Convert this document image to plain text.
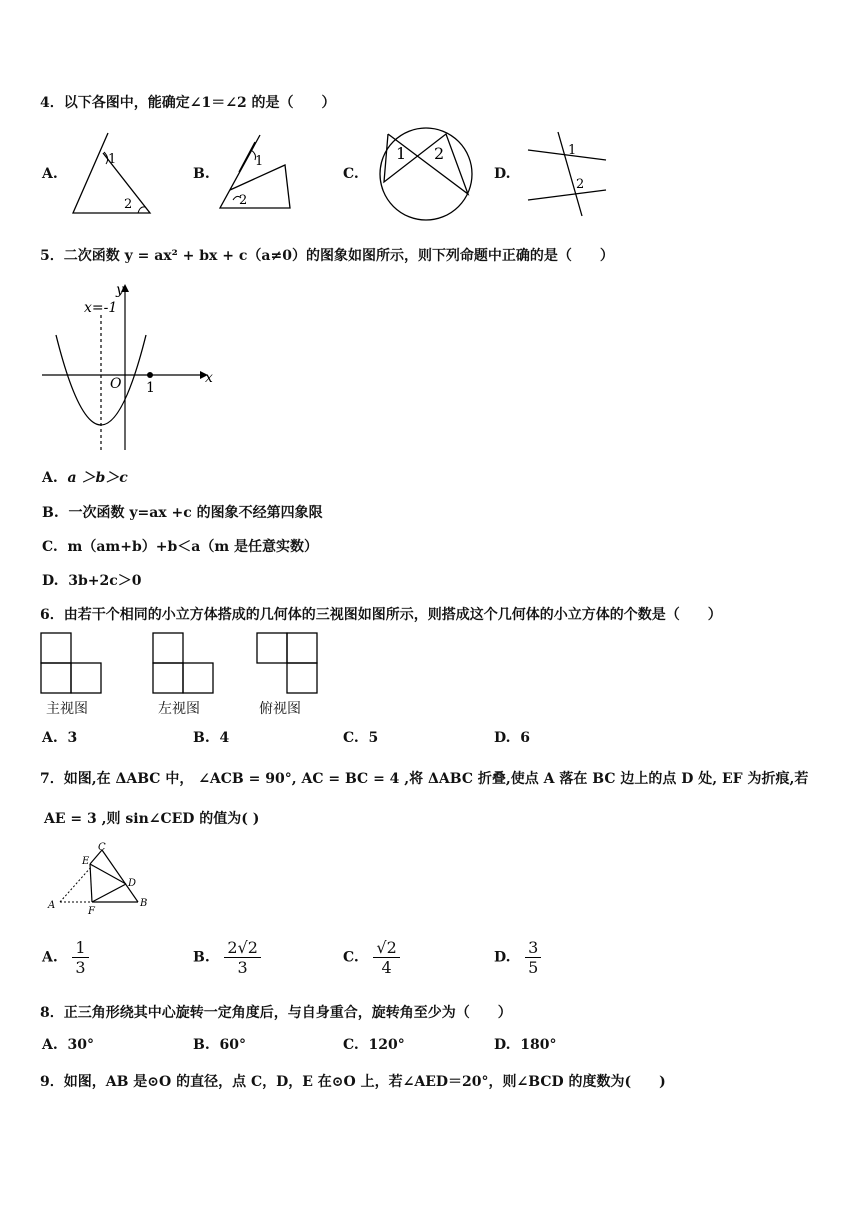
4．以下各图中，能确定∠1＝∠2 的是（　　）
A.
1
2
B.
1
2
C.
1 2
D.
1
2
5．二次函数 y = ax² + bx + c（a≠0）的图象如图所示，则下列命题中正确的是（　　）
x=-1
y
x
O 1
A. a ＞b＞c
B. 一次函数 y=ax +c 的图象不经第四象限
C. m（am+b）+b＜a（m 是任意实数）
D. 3b+2c＞0
6．由若干个相同的小立方体搭成的几何体的三视图如图所示，则搭成这个几何体的小立方体的个数是（　　）
主视图	左视图	俯视图
A. 3	B. 4	C. 5	D. 6
7．如图,在 ΔABC 中， ∠ACB = 90°, AC = BC = 4 ,将 ΔABC 折叠,使点 A 落在 BC 边上的点 D 处, EF 为折痕,若
AE = 3 ,则 sin∠CED 的值为( )
C
E
D
A
F
B
A. $\frac{1}{3}$	B. $\frac{2√2}{3}$	C. $\frac{√2}{4}$	D. $\frac{3}{5}$
8．正三角形绕其中心旋转一定角度后，与自身重合，旋转角至少为（　　）
A. 30°	B. 60°	C. 120°	D. 180°
9．如图，AB 是⊙O 的直径，点 C，D，E 在⊙O 上，若∠AED＝20°，则∠BCD 的度数为(　　)
